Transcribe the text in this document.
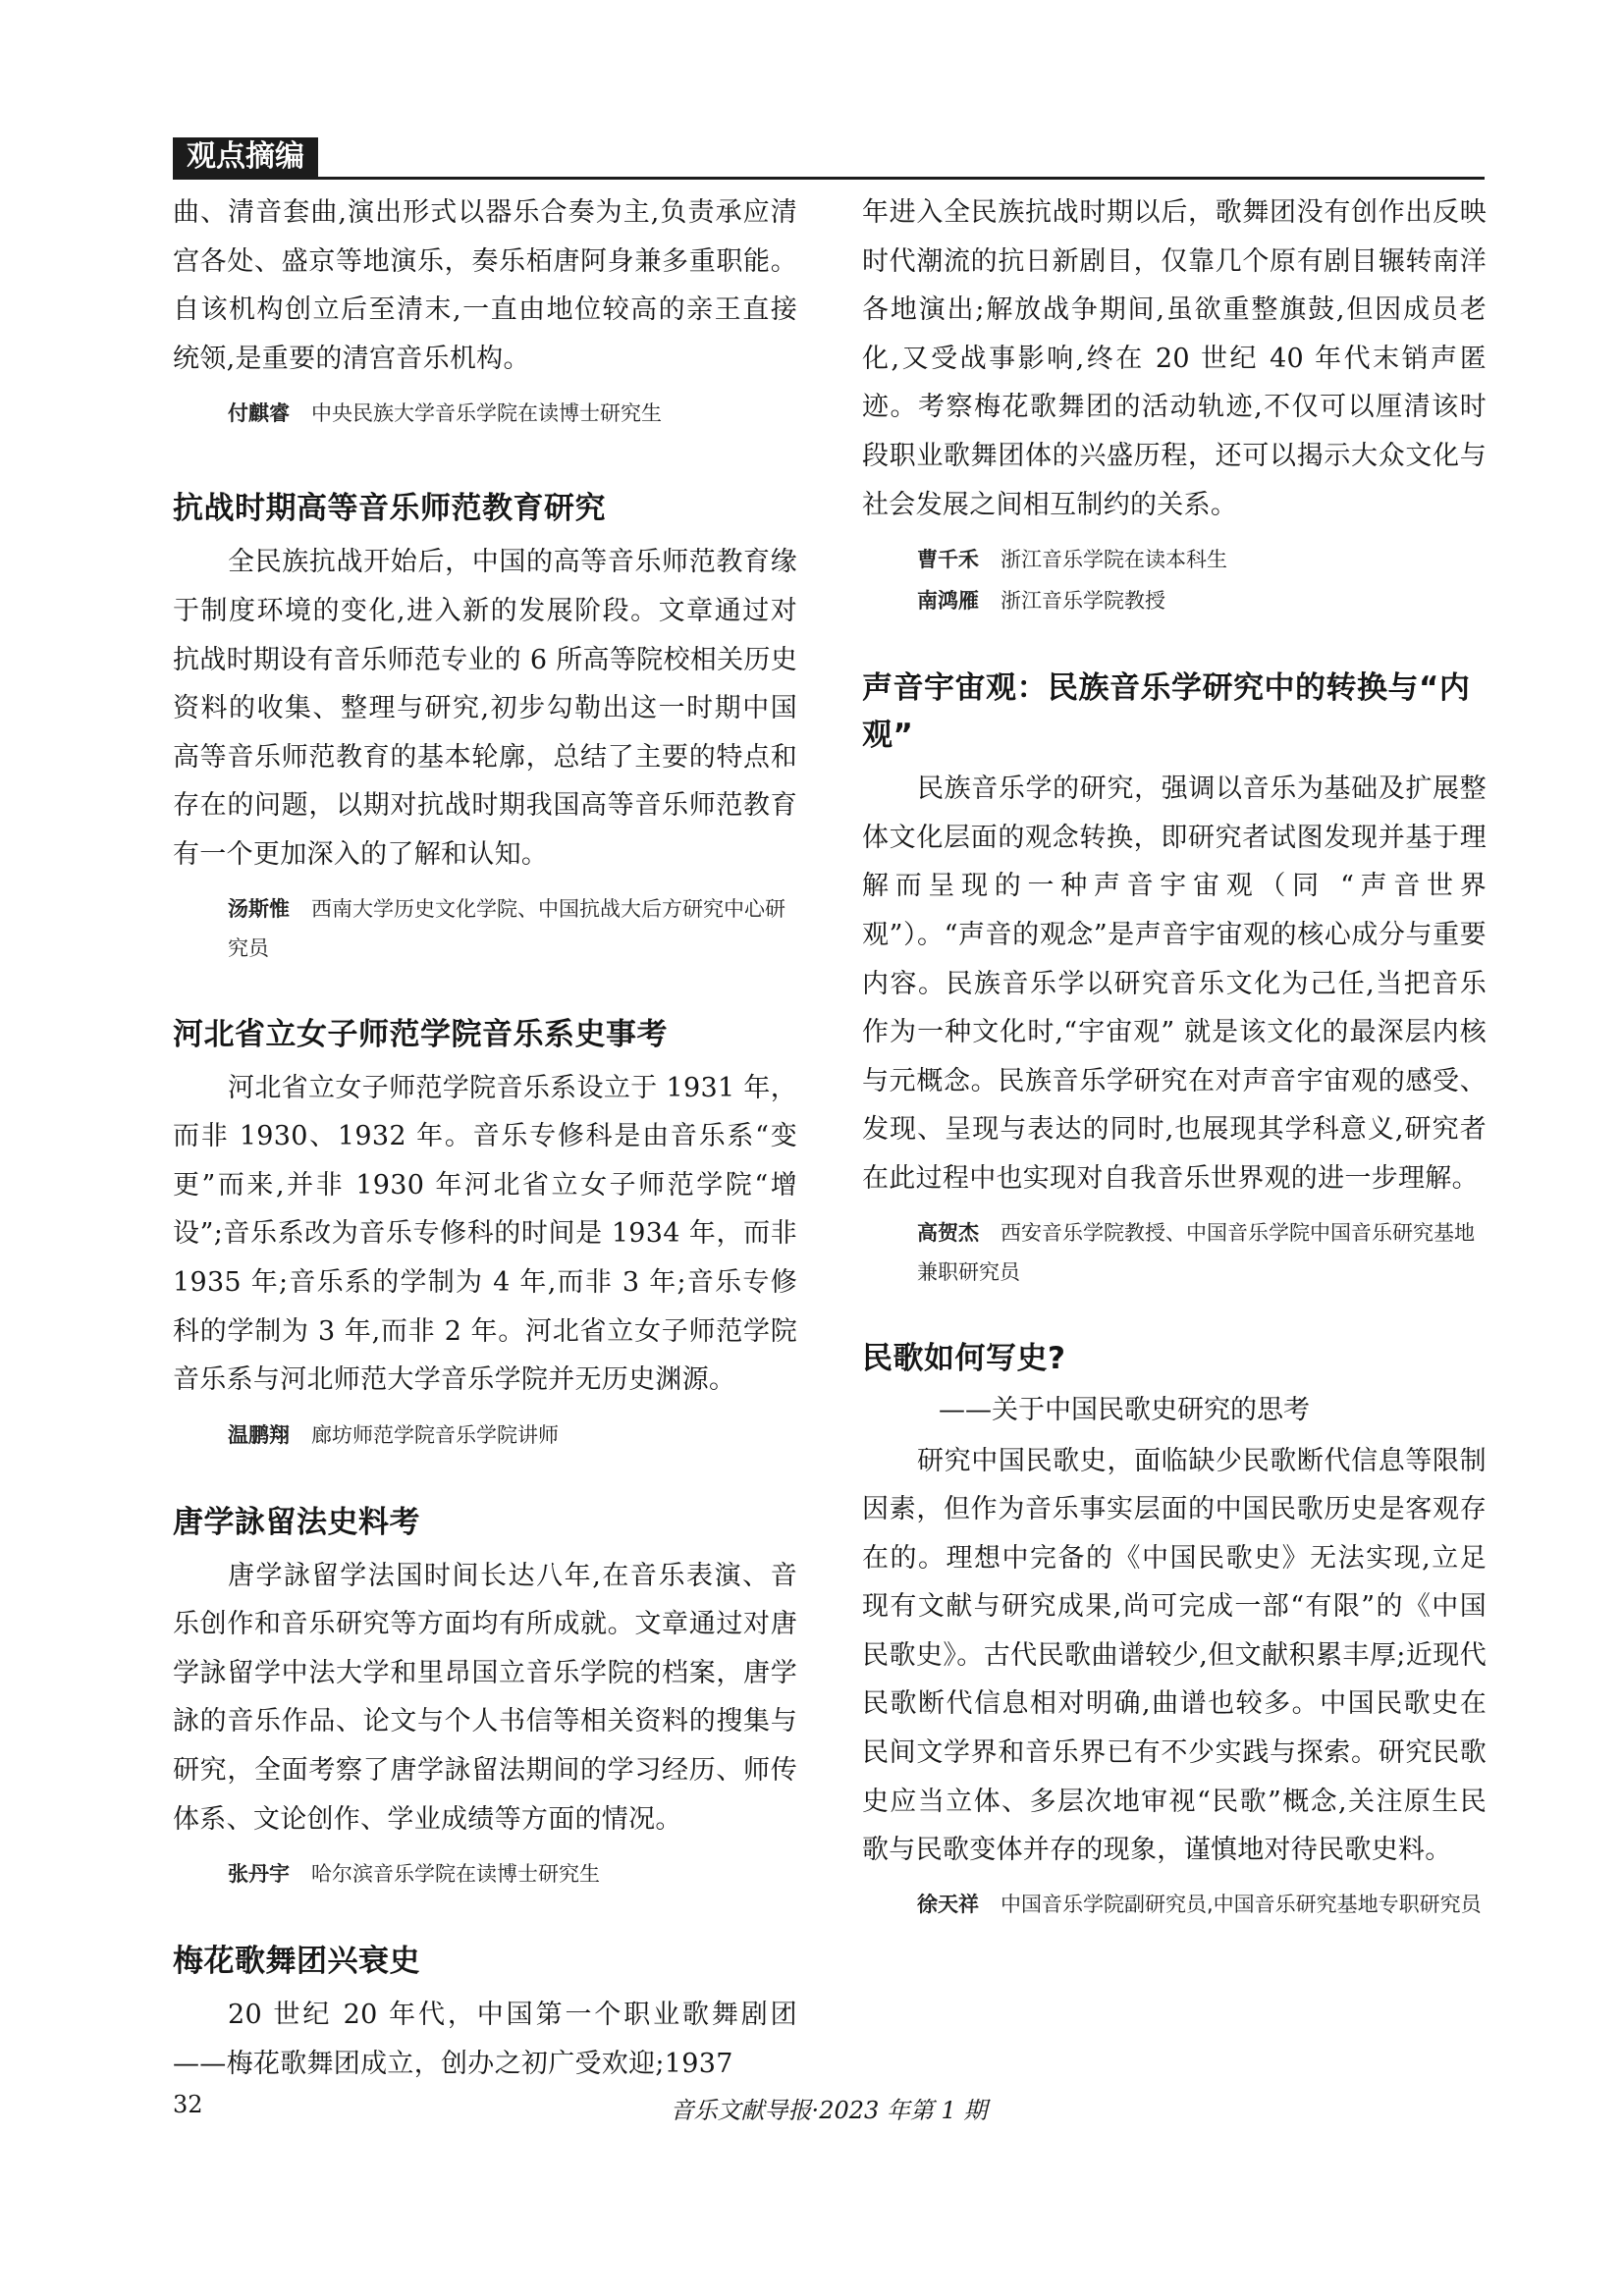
观点摘编

曲、清音套曲,演出形式以器乐合奏为主,负责承应清宫各处、盛京等地演乐，奏乐栢唐阿身兼多重职能。自该机构创立后至清末,一直由地位较高的亲王直接统领,是重要的清宫音乐机构。

付麒睿 中央民族大学音乐学院在读博士研究生
抗战时期高等音乐师范教育研究

全民族抗战开始后，中国的高等音乐师范教育缘于制度环境的变化,进入新的发展阶段。文章通过对抗战时期设有音乐师范专业的 6 所高等院校相关历史资料的收集、整理与研究,初步勾勒出这一时期中国高等音乐师范教育的基本轮廓，总结了主要的特点和存在的问题，以期对抗战时期我国高等音乐师范教育有一个更加深入的了解和认知。

汤斯惟 西南大学历史文化学院、中国抗战大后方研究中心研究员
河北省立女子师范学院音乐系史事考

河北省立女子师范学院音乐系设立于 1931 年，而非 1930、1932 年。音乐专修科是由音乐系“变更”而来,并非 1930 年河北省立女子师范学院“增设”;音乐系改为音乐专修科的时间是 1934 年，而非1935 年;音乐系的学制为 4 年,而非 3 年;音乐专修科的学制为 3 年,而非 2 年。河北省立女子师范学院音乐系与河北师范大学音乐学院并无历史渊源。

温鹏翔 廊坊师范学院音乐学院讲师
唐学詠留法史料考

唐学詠留学法国时间长达八年,在音乐表演、音乐创作和音乐研究等方面均有所成就。文章通过对唐学詠留学中法大学和里昂国立音乐学院的档案，唐学詠的音乐作品、论文与个人书信等相关资料的搜集与研究，全面考察了唐学詠留法期间的学习经历、师传体系、文论创作、学业成绩等方面的情况。

张丹宇 哈尔滨音乐学院在读博士研究生
梅花歌舞团兴衰史

20 世纪 20 年代，中国第一个职业歌舞剧团——梅花歌舞团成立，创办之初广受欢迎;1937

年进入全民族抗战时期以后，歌舞团没有创作出反映时代潮流的抗日新剧目，仅靠几个原有剧目辗转南洋各地演出;解放战争期间,虽欲重整旗鼓,但因成员老化,又受战事影响,终在 20 世纪 40 年代末销声匿迹。考察梅花歌舞团的活动轨迹,不仅可以厘清该时段职业歌舞团体的兴盛历程，还可以揭示大众文化与社会发展之间相互制约的关系。

曹千禾 浙江音乐学院在读本科生
南鸿雁 浙江音乐学院教授
声音宇宙观：民族音乐学研究中的转换与“内观”

民族音乐学的研究，强调以音乐为基础及扩展整体文化层面的观念转换，即研究者试图发现并基于理解而呈现的一种声音宇宙观（同 “声音世界观”）。“声音的观念”是声音宇宙观的核心成分与重要内容。民族音乐学以研究音乐文化为己任,当把音乐作为一种文化时,“宇宙观” 就是该文化的最深层内核与元概念。民族音乐学研究在对声音宇宙观的感受、发现、呈现与表达的同时,也展现其学科意义,研究者在此过程中也实现对自我音乐世界观的进一步理解。

高贺杰 西安音乐学院教授、中国音乐学院中国音乐研究基地兼职研究员
民歌如何写史?
——关于中国民歌史研究的思考

研究中国民歌史，面临缺少民歌断代信息等限制因素，但作为音乐事实层面的中国民歌历史是客观存在的。理想中完备的《中国民歌史》无法实现,立足现有文献与研究成果,尚可完成一部“有限”的《中国民歌史》。古代民歌曲谱较少,但文献积累丰厚;近现代民歌断代信息相对明确,曲谱也较多。中国民歌史在民间文学界和音乐界已有不少实践与探索。研究民歌史应当立体、多层次地审视“民歌”概念,关注原生民歌与民歌变体并存的现象，谨慎地对待民歌史料。

徐天祥 中国音乐学院副研究员,中国音乐研究基地专职研究员
32	音乐文献导报·2023 年第 1 期
